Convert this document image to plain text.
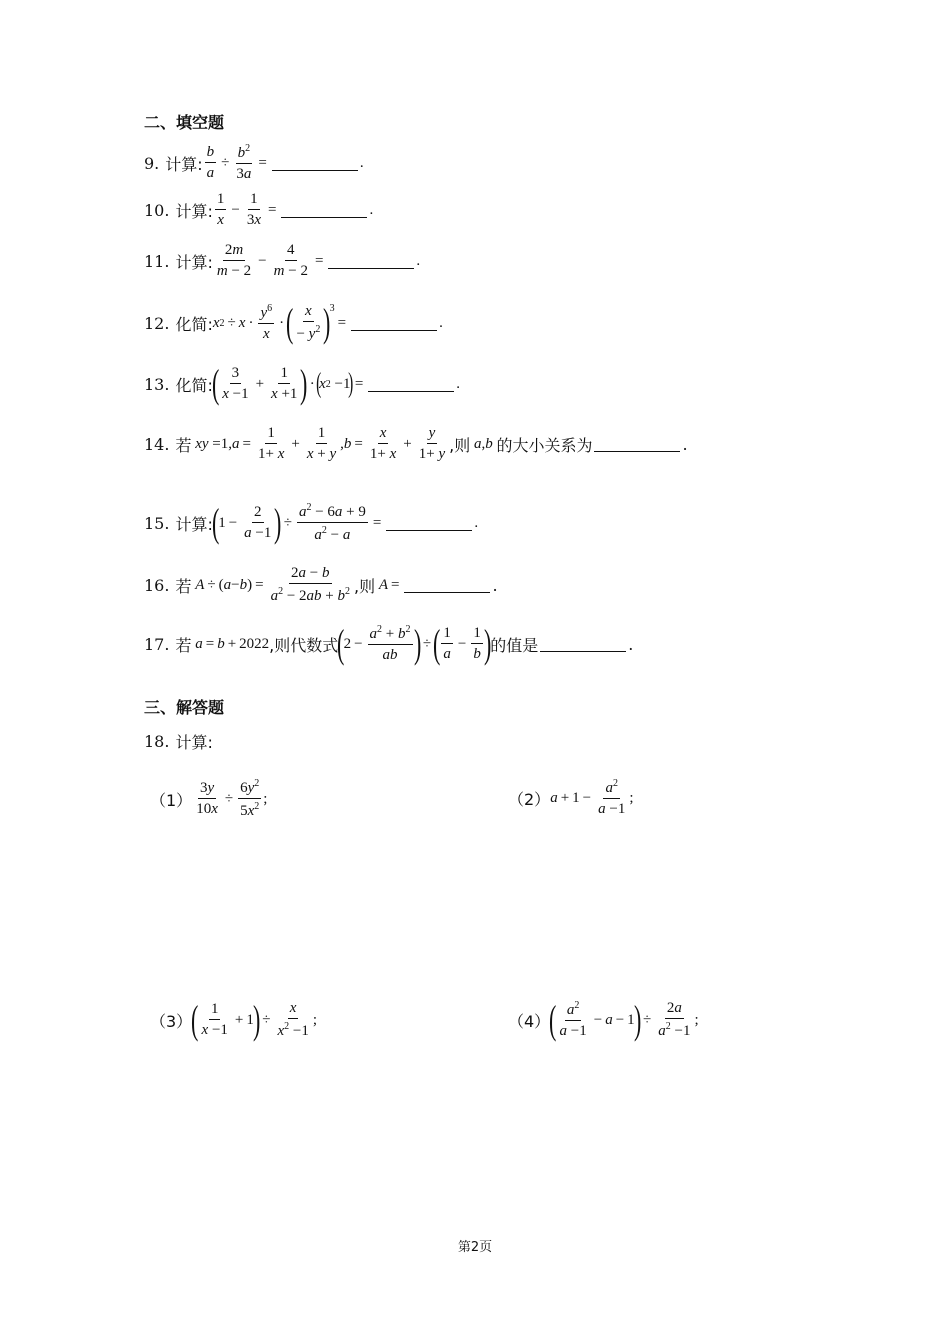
二、填空题
9. 计算: $\frac{b}{a} \div \frac{b^2}{3a}$ =	.
10. 计算: $\frac{1}{x} - \frac{1}{3x}$ =	.
11. 计算: $\frac{2m}{m - 2} - \frac{4}{m - 2}$ =	.
12. 化简: x $2 \div x \cdot \frac{y^6}{x}$ · ( $\frac{x}{- y^2}$ )
3
=	.
13. 化简:
( $\frac{3}{x -1} + \frac{1}{x +1}$ ) · (
x 2 −1
) =	.
14. 若
xy =1, $a = \frac{1}{1+ x} + \frac{1}{x + y}$ , $b = \frac{x}{1+ x} + \frac{y}{1+ y}$ ,则
a , b
的大小关系为	.
15. 计算:
(
$1 - \frac{2}{a -1}$ ) ÷ $\frac{a^2 - 6a + 9}{a^2 - a}$ =	.
16. 若
A ÷ ( a − b ) = $\frac{2a - b}{a^2 - 2ab + b^2}$ ,则
A =	.
17. 若
a = b + 2022 ,则代数式
(
$2 - \frac{a^2 + b^2}{ab}$ ) ÷ ( $\frac{1}{a} - \frac{1}{b}$ )
的值是	.
三、解答题
18. 计算:
$(1) \frac{3y}{10x} \div \frac{6y^2}{5x^2}$ ;	（2） $a + 1 - \frac{a^2}{a -1}$ ;
（3）
( $\frac{1}{x -1} + 1$
) ÷ $\frac{x}{x^2 -1}$ ;	（4）
( $\frac{a^2}{a -1} - a - 1$
) ÷ $\frac{2a}{a^2 -1}$ ;
第2页
